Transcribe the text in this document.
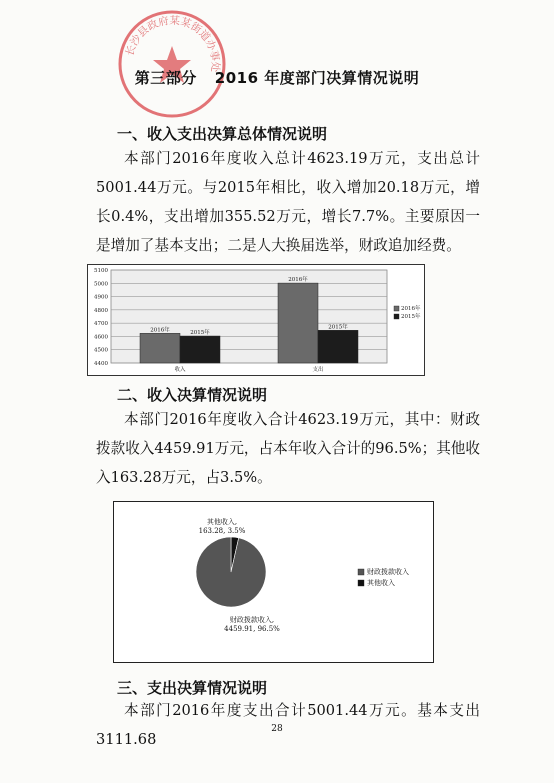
长沙县政府某某街道办事处
第三部分 2016 年度部门决算情况说明
一、收入支出决算总体情况说明
本部门2016年度收入总计4623.19万元，支出总计5001.44万元。与2015年相比，收入增加20.18万元，增长0.4%，支出增加355.52万元，增长7.7%。主要原因一是增加了基本支出；二是人大换届选举，财政追加经费。
5100
5000
4900
4800
4700
4600
4500
4400
2016年	2015年
2016年
2015年
收入	支出
2016年
2015年
二、收入决算情况说明
本部门2016年度收入合计4623.19万元，其中：财政拨款收入4459.91万元，占本年收入合计的96.5%；其他收入163.28万元，占3.5%。
其他收入,
163.28, 3.5%
财政拨款收入,
4459.91, 96.5%
财政拨款收入
其他收入
三、支出决算情况说明
本部门2016年度支出合计5001.44万元。基本支出3111.68
28
